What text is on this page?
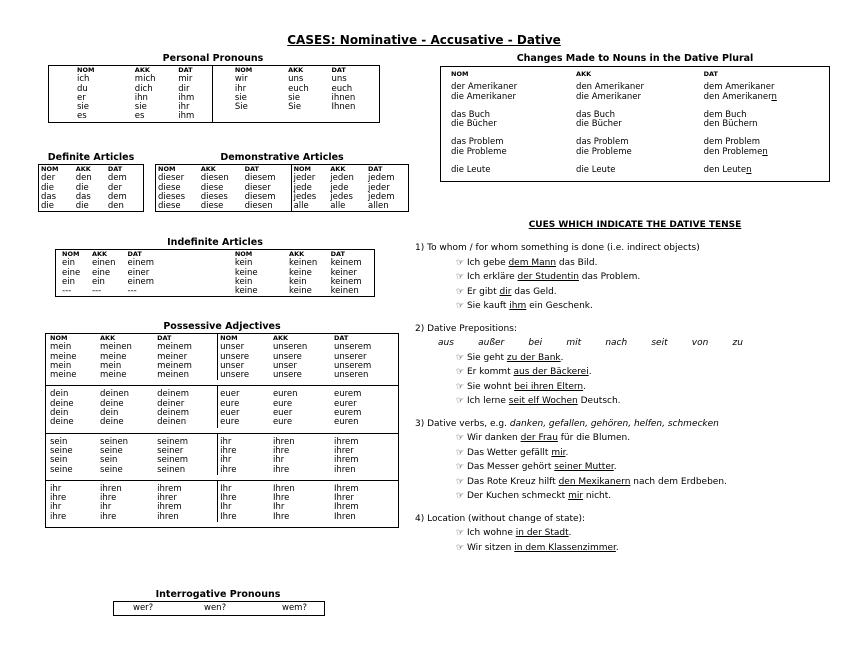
CASES: Nominative - Accusative - Dative
Personal Pronouns
NOM	AKK	DAT	NOM	AKK	DAT
ich	mich	mir	wir	uns	uns
du	dich	dir	ihr	euch	euch
er	ihn	ihm	sie	sie	ihnen
sie	sie	ihr	Sie	Sie	Ihnen
es	es	ihm			
Definite Articles
NOM	AKK	DAT
der	den	dem
die	die	der
das	das	dem
die	die	den
Demonstrative Articles
NOM	AKK	DAT	NOM	AKK	DAT
dieser	diesen	diesem	jeder	jeden	jedem
diese	diese	dieser	jede	jede	jeder
dieses	dieses	diesem	jedes	jedes	jedem
diese	diese	diesen	alle	alle	allen
Indefinite Articles
NOM	AKK	DAT	NOM	AKK	DAT
ein	einen	einem	kein	keinen	keinem
eine	eine	einer	keine	keine	keiner
ein	ein	einem	kein	kein	keinem
---	---	---	keine	keine	keinen
Possessive Adjectives
NOM	AKK	DAT	NOM	AKK	DAT
mein	meinen	meinem	unser	unseren	unserem
meine	meine	meiner	unsere	unsere	unserer
mein	mein	meinem	unser	unser	unserem
meine	meine	meinen	unsere	unsere	unseren

dein	deinen	deinem	euer	euren	eurem
deine	deine	deiner	eure	eure	eurer
dein	dein	deinem	euer	euer	eurem
deine	deine	deinen	eure	eure	euren

sein	seinen	seinem	ihr	ihren	ihrem
seine	seine	seiner	ihre	ihre	ihrer
sein	sein	seinem	ihr	ihr	ihrem
seine	seine	seinen	ihre	ihre	ihren

ihr	ihren	ihrem	Ihr	Ihren	Ihrem
ihre	ihre	ihrer	Ihre	Ihre	Ihrer
ihr	ihr	ihrem	Ihr	Ihr	Ihrem
ihre	ihre	ihren	Ihre	Ihre	Ihren

Interrogative Pronouns
wer?	wen?	wem?
Changes Made to Nouns in the Dative Plural
NOM	AKK	DAT
der Amerikaner	den Amerikaner	dem Amerikaner
die Amerikaner	die Amerikaner	den Amerikanern

das Buch	das Buch	dem Buch
die Bücher	die Bücher	den Büchern

das Problem	das Problem	dem Problem
die Probleme	die Probleme	den Problemen

die Leute	die Leute	den Leuten

CUES WHICH INDICATE THE DATIVE TENSE
1) To whom / for whom something is done (i.e. indirect objects)
☞ Ich gebe dem Mann das Bild.
☞ Ich erkläre der Studentin das Problem.
☞ Er gibt dir das Geld.
☞ Sie kauft ihm ein Geschenk.
2) Dative Prepositions:
aus	außer	bei	mit	nach	seit	von	zu
☞ Sie geht zu der Bank.
☞ Er kommt aus der Bäckerei.
☞ Sie wohnt bei ihren Eltern.
☞ Ich lerne seit elf Wochen Deutsch.
3) Dative verbs, e.g. danken, gefallen, gehören, helfen, schmecken
☞ Wir danken der Frau für die Blumen.
☞ Das Wetter gefällt mir.
☞ Das Messer gehört seiner Mutter.
☞ Das Rote Kreuz hilft den Mexikanern nach dem Erdbeben.
☞ Der Kuchen schmeckt mir nicht.
4) Location (without change of state):
☞ Ich wohne in der Stadt.
☞ Wir sitzen in dem Klassenzimmer.
